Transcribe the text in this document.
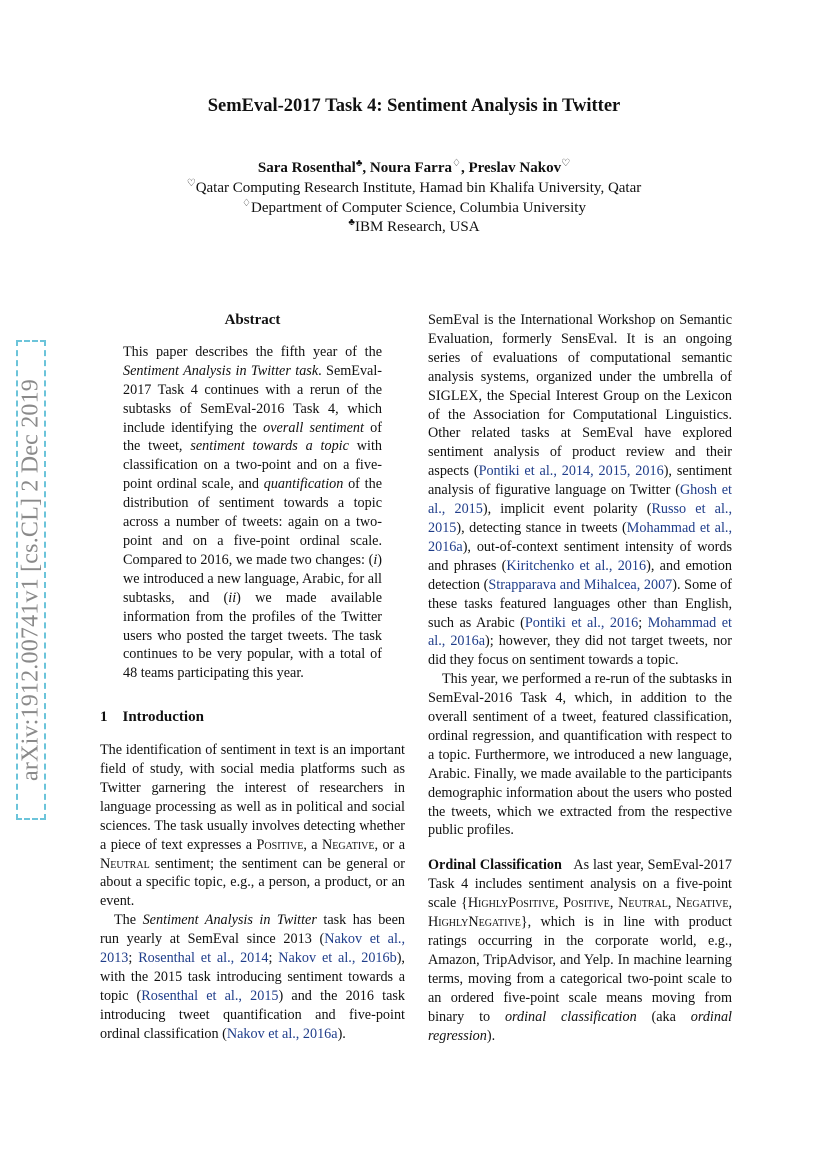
arXiv:1912.00741v1 [cs.CL] 2 Dec 2019
SemEval-2017 Task 4: Sentiment Analysis in Twitter
Sara Rosenthal♣, Noura Farra♢, Preslav Nakov♡
♡Qatar Computing Research Institute, Hamad bin Khalifa University, Qatar
♢Department of Computer Science, Columbia University
♣IBM Research, USA

Abstract

This paper describes the fifth year of the Sentiment Analysis in Twitter task. SemEval-2017 Task 4 continues with a rerun of the subtasks of SemEval-2016 Task 4, which include identifying the overall sentiment of the tweet, sentiment towards a topic with classification on a two-point and on a five-point ordinal scale, and quantification of the distribution of sentiment towards a topic across a number of tweets: again on a two-point and on a five-point ordinal scale. Compared to 2016, we made two changes: (i) we introduced a new language, Arabic, for all subtasks, and (ii) we made available information from the profiles of the Twitter users who posted the target tweets. The task continues to be very popular, with a total of 48 teams participating this year.

1 Introduction

The identification of sentiment in text is an important field of study, with social media platforms such as Twitter garnering the interest of researchers in language processing as well as in political and social sciences. The task usually involves detecting whether a piece of text expresses a Positive, a Negative, or a Neutral sentiment; the sentiment can be general or about a specific topic, e.g., a person, a product, or an event.

The Sentiment Analysis in Twitter task has been run yearly at SemEval since 2013 (Nakov et al., 2013; Rosenthal et al., 2014; Nakov et al., 2016b), with the 2015 task introducing sentiment towards a topic (Rosenthal et al., 2015) and the 2016 task introducing tweet quantification and five-point ordinal classification (Nakov et al., 2016a).

SemEval is the International Workshop on Semantic Evaluation, formerly SensEval. It is an ongoing series of evaluations of computational semantic analysis systems, organized under the umbrella of SIGLEX, the Special Interest Group on the Lexicon of the Association for Computational Linguistics. Other related tasks at SemEval have explored sentiment analysis of product review and their aspects (Pontiki et al., 2014, 2015, 2016), sentiment analysis of figurative language on Twitter (Ghosh et al., 2015), implicit event polarity (Russo et al., 2015), detecting stance in tweets (Mohammad et al., 2016a), out-of-context sentiment intensity of words and phrases (Kiritchenko et al., 2016), and emotion detection (Strapparava and Mihalcea, 2007). Some of these tasks featured languages other than English, such as Arabic (Pontiki et al., 2016; Mohammad et al., 2016a); however, they did not target tweets, nor did they focus on sentiment towards a topic.

This year, we performed a re-run of the subtasks in SemEval-2016 Task 4, which, in addition to the overall sentiment of a tweet, featured classification, ordinal regression, and quantification with respect to a topic. Furthermore, we introduced a new language, Arabic. Finally, we made available to the participants demographic information about the users who posted the tweets, which we extracted from the respective public profiles.

Ordinal Classification As last year, SemEval-2017 Task 4 includes sentiment analysis on a five-point scale {HighlyPositive, Positive, Neutral, Negative, HighlyNegative}, which is in line with product ratings occurring in the corporate world, e.g., Amazon, TripAdvisor, and Yelp. In machine learning terms, moving from a categorical two-point scale to an ordered five-point scale means moving from binary to ordinal classification (aka ordinal regression).
